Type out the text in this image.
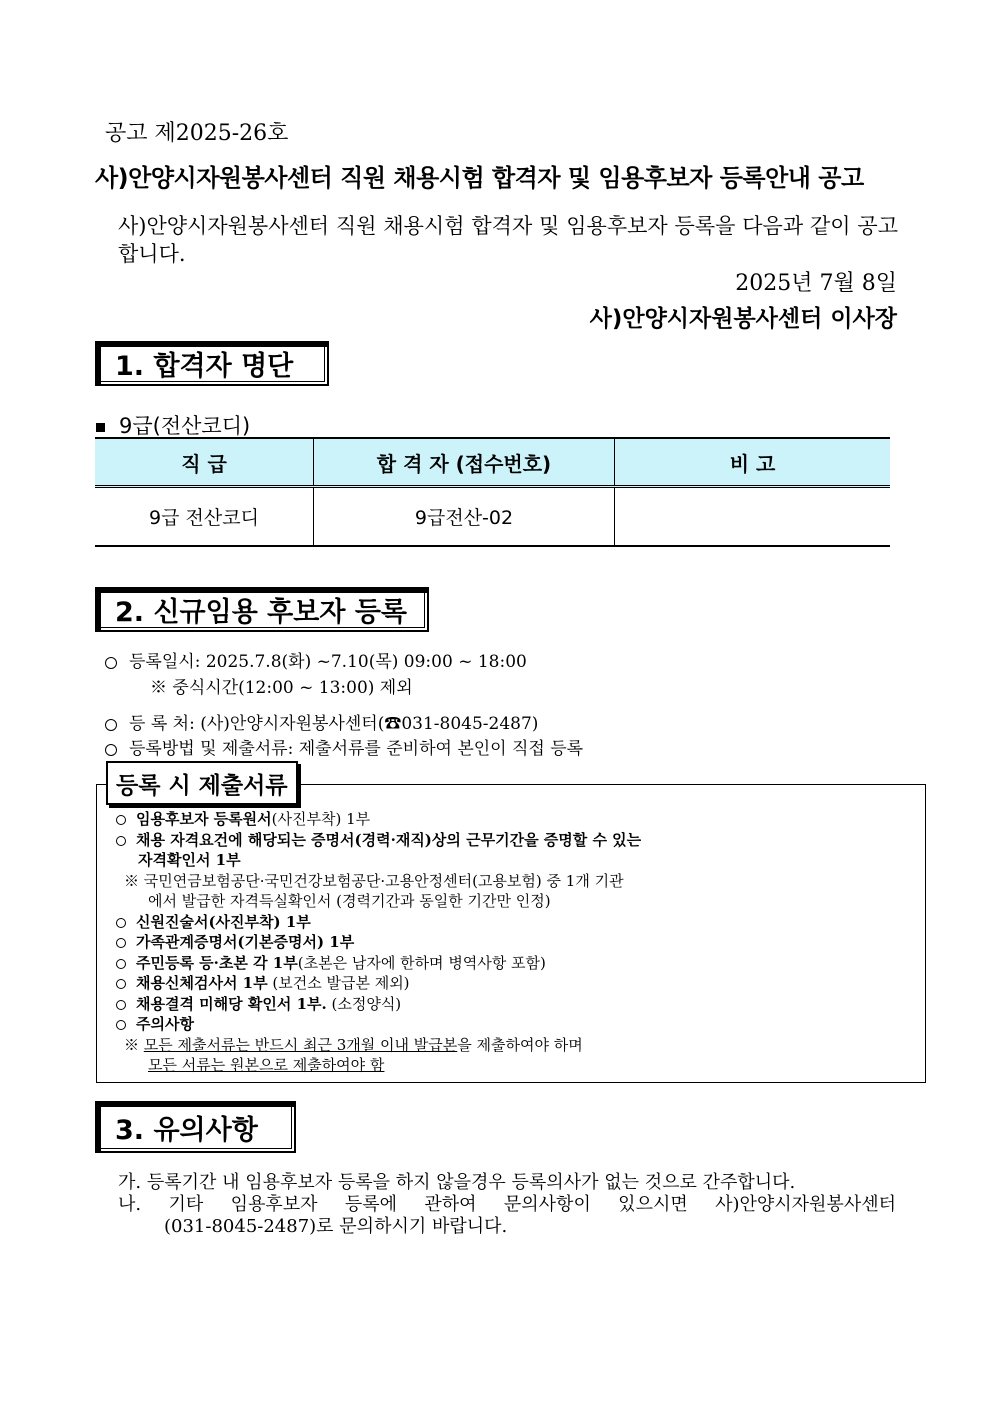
공고 제2025-26호
사)안양시자원봉사센터 직원 채용시험 합격자 및 임용후보자 등록안내 공고
사)안양시자원봉사센터 직원 채용시험 합격자 및 임용후보자 등록을 다음과 같이 공고합니다.
2025년 7월 8일
사)안양시자원봉사센터 이사장
1. 합격자 명단
9급(전산코디)
직 급	합 격 자 (접수번호)	비 고
9급 전산코디	9급전산-02	
2. 신규임용 후보자 등록
등록일시: 2025.7.8(화) ~7.10(목) 09:00 ~ 18:00
※ 중식시간(12:00 ~ 13:00) 제외
등 록 처: (사)안양시자원봉사센터(☎031-8045-2487)
등록방법 및 제출서류: 제출서류를 준비하여 본인이 직접 등록
등록 시 제출서류
임용후보자 등록원서(사진부착) 1부
채용 자격요건에 해당되는 증명서(경력·재직)상의 근무기간을 증명할 수 있는
자격확인서 1부
※ 국민연금보험공단·국민건강보험공단·고용안정센터(고용보험) 중 1개 기관
에서 발급한 자격득실확인서 (경력기간과 동일한 기간만 인정)
신원진술서(사진부착) 1부
가족관계증명서(기본증명서) 1부
주민등록 등·초본 각 1부(초본은 남자에 한하며 병역사항 포함)
채용신체검사서 1부 (보건소 발급본 제외)
채용결격 미해당 확인서 1부. (소정양식)
주의사항
※ 모든 제출서류는 반드시 최근 3개월 이내 발급본을 제출하여야 하며
모든 서류는 원본으로 제출하여야 함
3. 유의사항
가. 등록기간 내 임용후보자 등록을 하지 않을경우 등록의사가 없는 것으로 간주합니다.
나. 기타 임용후보자 등록에 관하여 문의사항이 있으시면 사)안양시자원봉사센터
(031-8045-2487)로 문의하시기 바랍니다.
